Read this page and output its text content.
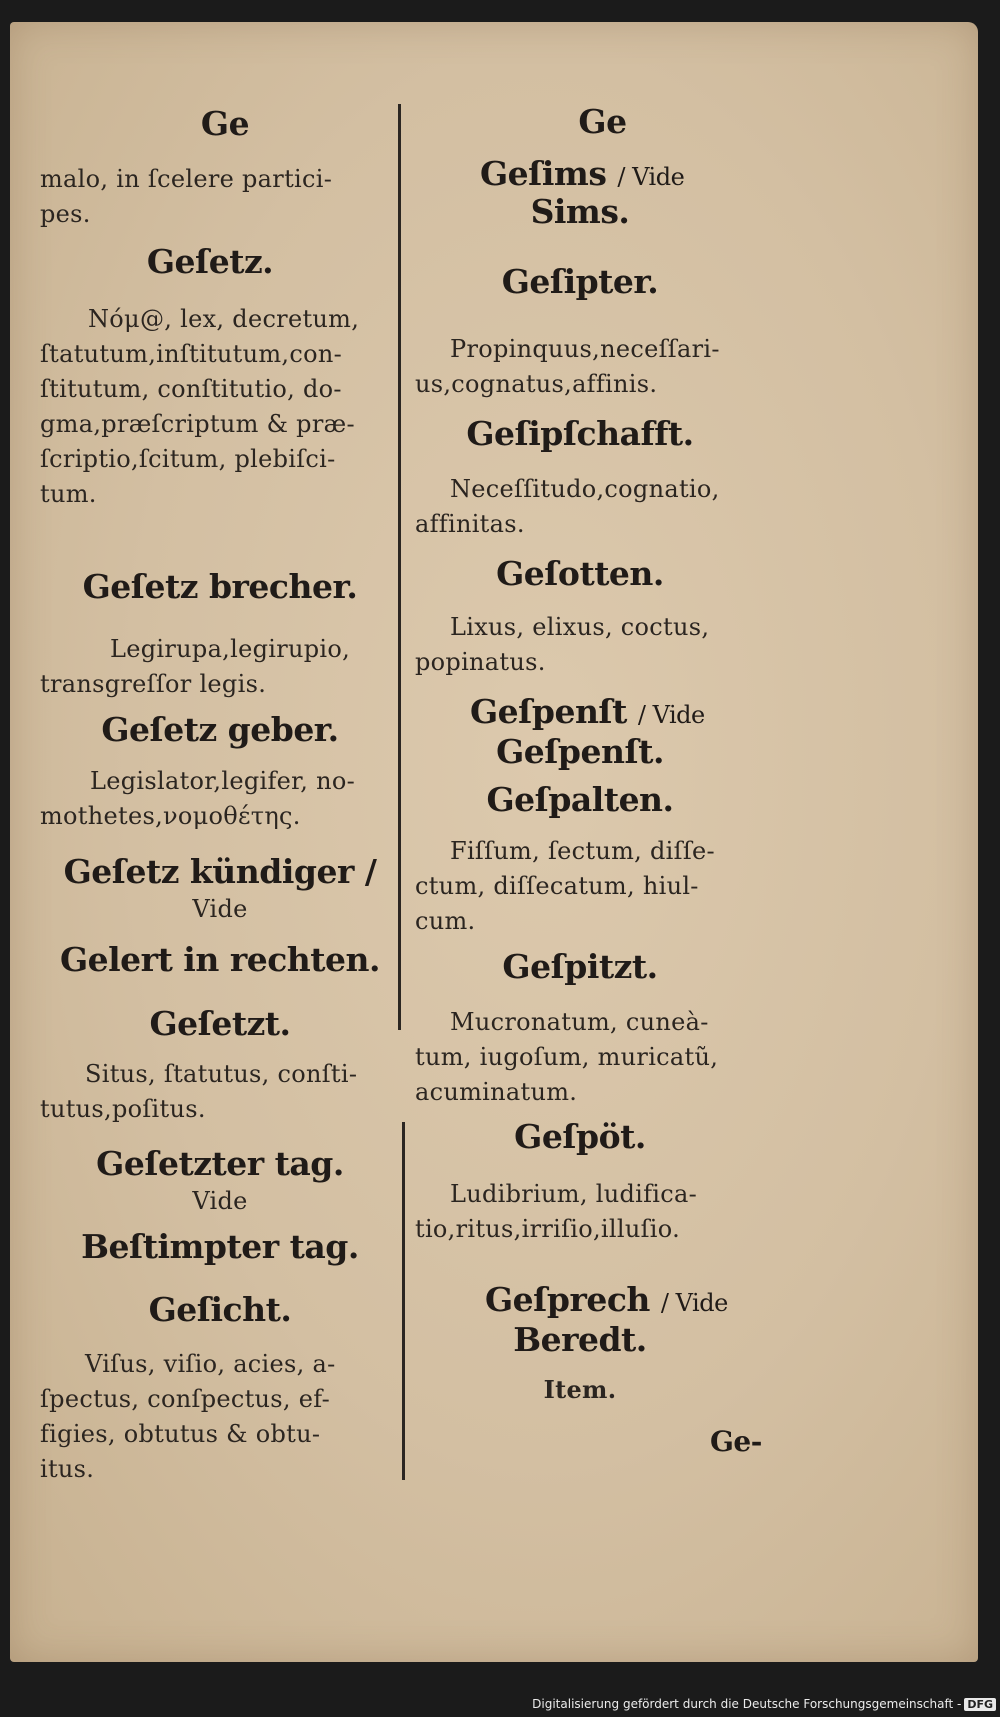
Ge
malo, in ſcelere partici-
pes.
Geſetz.
Νόμ@, lex, decretum,
ſtatutum,inſtitutum,con-
ſtitutum, conſtitutio, do-
gma,præſcriptum & præ-
ſcriptio,ſcitum, plebiſci-
tum.
Geſetz brecher.
Legirupa,legirupio,
transgreſſor legis.
Geſetz geber.
Legislator,legifer, no-
mothetes,νομοθέτης.
Geſetz kündiger /
Vide
Gelert in rechten.
Geſetzt.
Situs, ſtatutus, conſti-
tutus,poſitus.
Geſetzter tag.
Vide
Beſtimpter tag.
Geſicht.
Viſus, viſio, acies, a-
ſpectus, conſpectus, ef-
figies, obtutus & obtu-
itus.
Ge
Geſims / Vide
Sims.
Geſipter.
Propinquus,neceſſari-
us,cognatus,affinis.
Geſipſchafft.
Neceſſitudo,cognatio,
affinitas.
Geſotten.
Lixus, elixus, coctus,
popinatus.
Geſpenſt / Vide
Geſpenſt.
Geſpalten.
Fiſſum, ſectum, diſſe-
ctum, diſſecatum, hiul-
cum.
Geſpitzt.
Mucronatum, cuneà-
tum, iugoſum, muricatũ,
acuminatum.
Geſpöt.
Ludibrium, ludifica-
tio,ritus,irriſio,illuſio.
Geſprech / Vide
Beredt.
Item.
Ge-
Digitalisierung gefördert durch die Deutsche Forschungsgemeinschaft - DFG
